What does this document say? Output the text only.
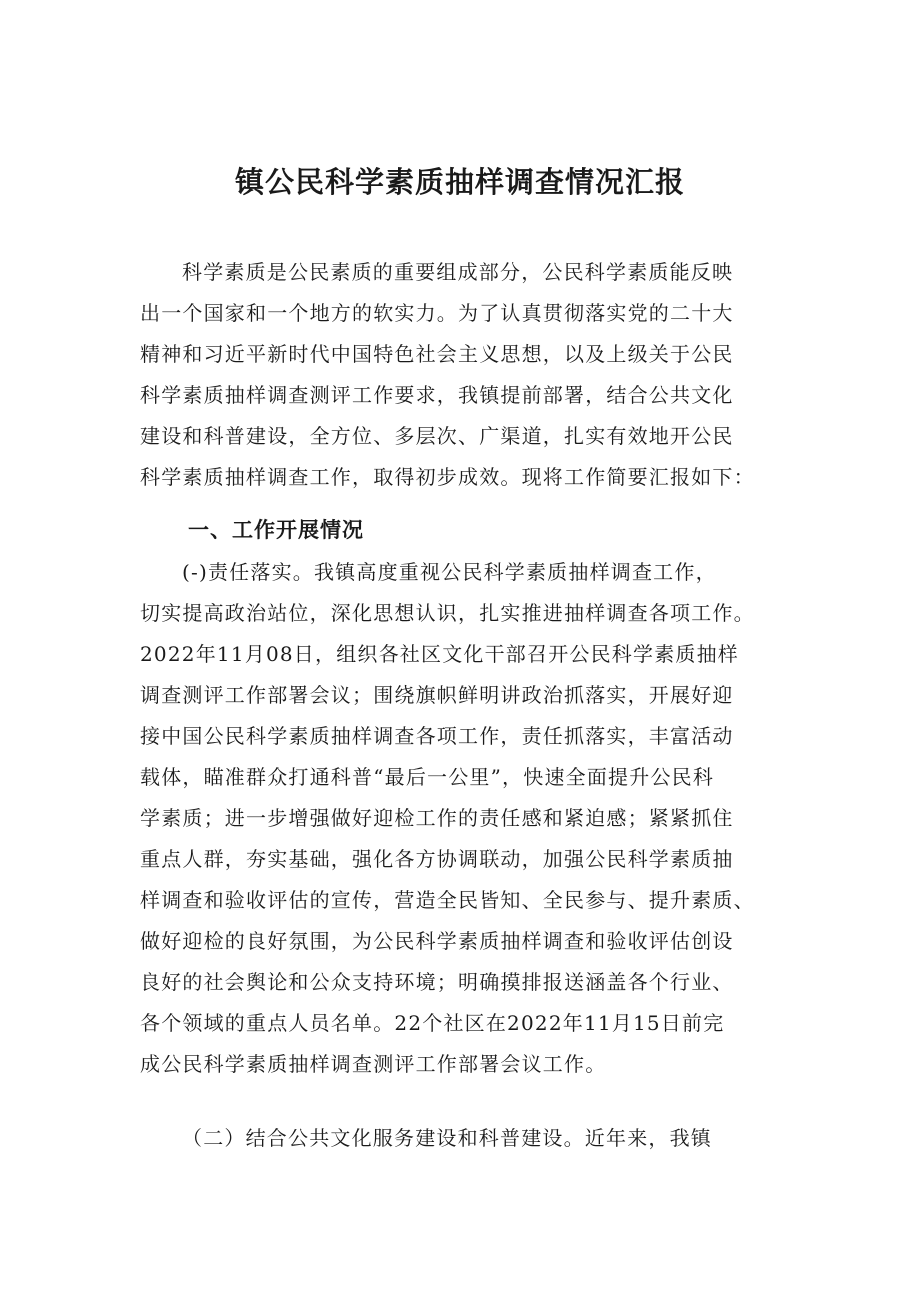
镇公民科学素质抽样调查情况汇报
科学素质是公民素质的重要组成部分，公民科学素质能反映
出一个国家和一个地方的软实力。为了认真贯彻落实党的二十大
精神和习近平新时代中国特色社会主义思想，以及上级关于公民
科学素质抽样调查测评工作要求，我镇提前部署，结合公共文化
建设和科普建设，全方位、多层次、广渠道，扎实有效地开公民
科学素质抽样调查工作，取得初步成效。现将工作简要汇报如下：
一、工作开展情况
(-)责任落实。我镇高度重视公民科学素质抽样调查工作，
切实提高政治站位，深化思想认识，扎实推进抽样调查各项工作。
2022年11月08日，组织各社区文化干部召开公民科学素质抽样
调查测评工作部署会议；围绕旗帜鲜明讲政治抓落实，开展好迎
接中国公民科学素质抽样调查各项工作，责任抓落实，丰富活动
载体，瞄准群众打通科普“最后一公里”，快速全面提升公民科
学素质；进一步增强做好迎检工作的责任感和紧迫感；紧紧抓住
重点人群，夯实基础，强化各方协调联动，加强公民科学素质抽
样调查和验收评估的宣传，营造全民皆知、全民参与、提升素质、
做好迎检的良好氛围，为公民科学素质抽样调查和验收评估创设
良好的社会舆论和公众支持环境；明确摸排报送涵盖各个行业、
各个领域的重点人员名单。22个社区在2022年11月15日前完
成公民科学素质抽样调查测评工作部署会议工作。
（二）结合公共文化服务建设和科普建设。近年来，我镇
